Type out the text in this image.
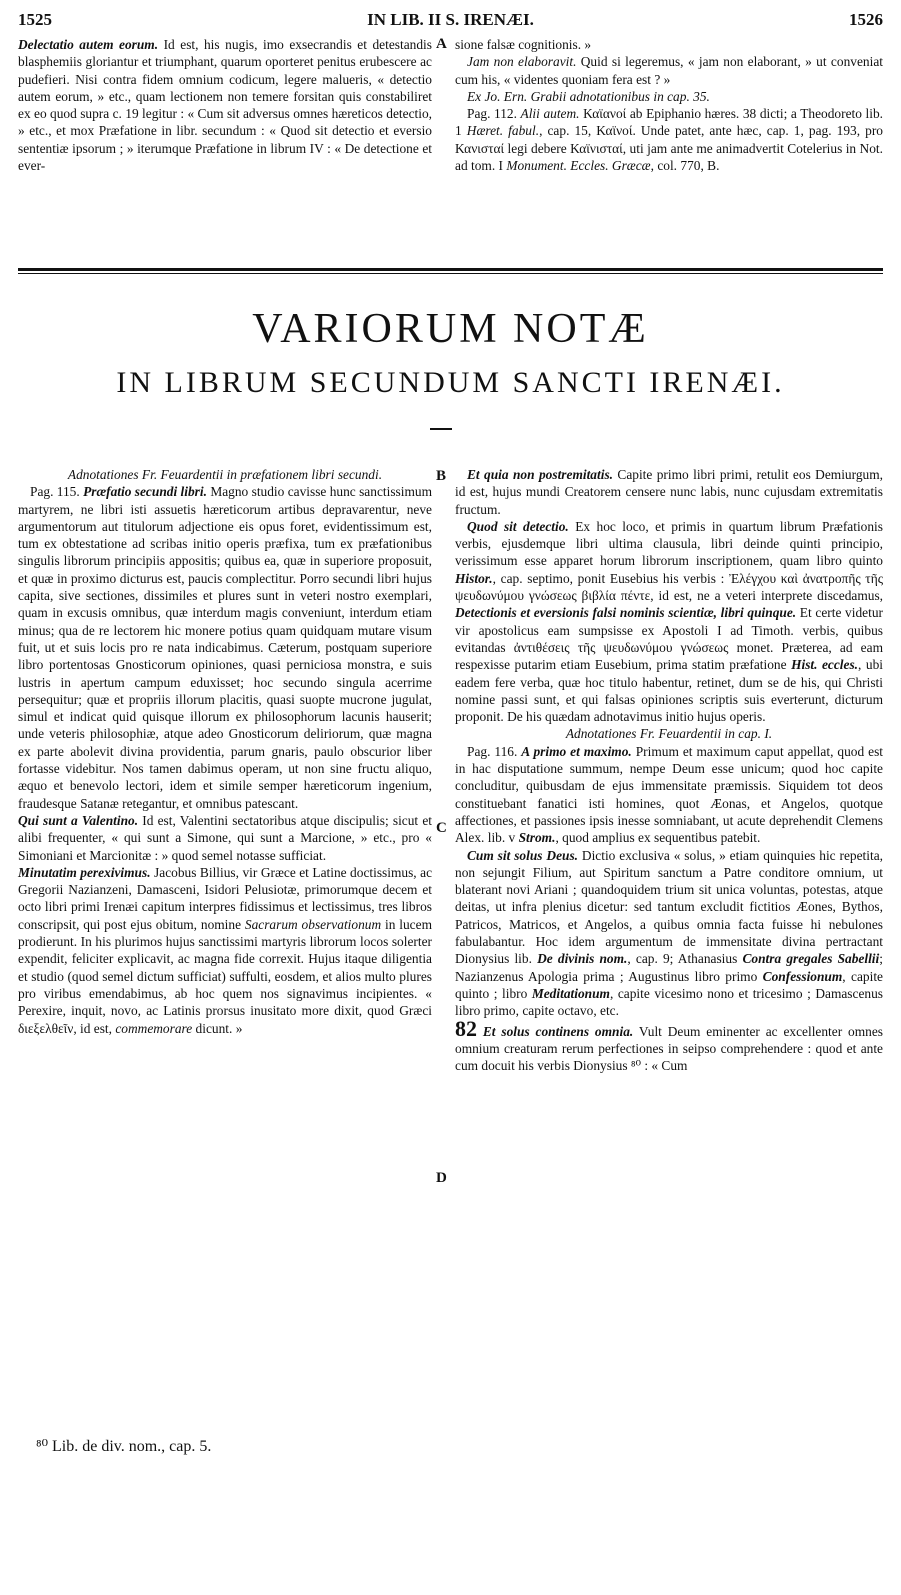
1525	IN LIB. II S. IRENÆI.	1526

Delectatio autem eorum. Id est, his nugis, imo exsecrandis et detestandis blasphemiis gloriantur et triumphant, quarum oporteret penitus erubescere ac pudefieri. Nisi contra fidem omnium codicum, legere malueris, « detectio autem eorum, » etc., quam lectionem non temere forsitan quis constabiliret ex eo quod supra c. 19 legitur : « Cum sit adversus omnes hæreticos detectio, » etc., et mox Præfatione in libr. secundum : « Quod sit detectio et eversio sententiæ ipsorum ; » iterumque Præfatione in librum IV : « De detectione et ever-

A sione falsæ cognitionis. »

Jam non elaboravit. Quid si legeremus, « jam non elaborant, » ut conveniat cum his, « videntes quoniam fera est ? »

Ex Jo. Ern. Grabii adnotationibus in cap. 35.

Pag. 112. Alii autem. Καϊανοί ab Epiphanio hæres. 38 dicti; a Theodoreto lib. 1 Hæret. fabul., cap. 15, Καϊνοί. Unde patet, ante hæc, cap. 1, pag. 193, pro Κανισταί legi debere Καϊνισταί, uti jam ante me animadvertit Cotelerius in Not. ad tom. I Monument. Eccles. Græcæ, col. 770, B.

VARIORUM NOTÆ
IN LIBRUM SECUNDUM SANCTI IRENÆI.

Adnotationes Fr. Feuardentii in præfationem libri secundi.

Pag. 115. Præfatio secundi libri. Magno studio cavisse hunc sanctissimum martyrem, ne libri isti assuetis hæreticorum artibus depravarentur, neve argumentorum aut titulorum adjectione eis opus foret, evidentissimum est, tum ex obtestatione ad scribas initio operis præfixa, tum ex præfationibus singulis librorum principiis appositis; quibus ea, quæ in superiore proposuit, et quæ in proximo dicturus est, paucis complectitur. Porro secundi libri hujus capita, sive sectiones, dissimiles et plures sunt in veteri nostro exemplari, quam in excusis omnibus, quæ interdum magis conveniunt, interdum etiam minus; qua de re lectorem hic monere potius quam quidquam mutare visum fuit, ut et suis locis pro re nata indicabimus. Cæterum, postquam superiore libro portentosas Gnosticorum opiniones, quasi perniciosa monstra, e suis lustris in apertum campum eduxisset; hoc secundo singula acerrime persequitur; quæ et propriis illorum placitis, quasi suopte mucrone jugulat, simul et indicat quid quisque illorum ex philosophorum lacunis hauserit; unde veteris philosophiæ, atque adeo Gnosticorum deliriorum, quæ magna ex parte abolevit divina providentia, parum gnaris, paulo obscurior liber fortasse videbitur. Nos tamen dabimus operam, ut non sine fructu aliquo, æquo et benevolo lectori, idem et simile semper hæreticorum ingenium, fraudesque Satanæ retegantur, et omnibus patescant.

Qui sunt a Valentino. Id est, Valentini sectatoribus atque discipulis; sicut et alibi frequenter, « qui sunt a Simone, qui sunt a Marcione, » etc., pro « Simoniani et Marcionitæ : » quod semel notasse sufficiat.

Minutatim perexivimus. Jacobus Billius, vir Græce et Latine doctissimus, ac Gregorii Nazianzeni, Damasceni, Isidori Pelusiotæ, primorumque decem et octo libri primi Irenæi capitum interpres fidissimus et lectissimus, tres libros conscripsit, qui post ejus obitum, nomine Sacrarum observationum in lucem prodierunt. In his plurimos hujus sanctissimi martyris librorum locos solerter expendit, feliciter explicavit, ac magna fide correxit. Hujus itaque diligentia et studio (quod semel dictum sufficiat) suffulti, eosdem, et alios multo plures pro viribus emendabimus, ab hoc quem nos signavimus incipientes. « Perexire, inquit, novo, ac Latinis prorsus inusitato more dixit, quod Græci διεξελθεῖν, id est, commemorare dicunt. »

B
C
D

Et quia non postremitatis. Capite primo libri primi, retulit eos Demiurgum, id est, hujus mundi Creatorem censere nunc labis, nunc cujusdam extremitatis fructum.

Quod sit detectio. Ex hoc loco, et primis in quartum librum Præfationis verbis, ejusdemque libri ultima clausula, libri deinde quinti principio, verissimum esse apparet horum librorum inscriptionem, quam libro quinto Histor., cap. septimo, ponit Eusebius his verbis : Ἐλέγχου καὶ ἀνατροπῆς τῆς ψευδωνύμου γνώσεως βιβλία πέντε, id est, ne a veteri interprete discedamus, Detectionis et eversionis falsi nominis scientiæ, libri quinque. Et certe videtur vir apostolicus eam sumpsisse ex Apostoli I ad Timoth. verbis, quibus evitandas ἀντιθέσεις τῆς ψευδωνύμου γνώσεως monet. Præterea, ad eam respexisse putarim etiam Eusebium, prima statim præfatione Hist. eccles., ubi eadem fere verba, quæ hoc titulo habentur, retinet, dum se de his, qui Christi nomine passi sunt, et qui falsas opiniones scriptis suis everterunt, dicturum proponit. De his quædam adnotavimus initio hujus operis.

Adnotationes Fr. Feuardentii in cap. I.

Pag. 116. A primo et maximo. Primum et maximum caput appellat, quod est in hac disputatione summum, nempe Deum esse unicum; quod hoc capite concluditur, quibusdam de ejus immensitate præmissis. Siquidem tot deos constituebant fanatici isti homines, quot Æonas, et Angelos, quotque affectiones, et passiones ipsis inesse somniabant, ut acute deprehendit Clemens Alex. lib. v Strom., quod amplius ex sequentibus patebit.

Cum sit solus Deus. Dictio exclusiva « solus, » etiam quinquies hic repetita, non sejungit Filium, aut Spiritum sanctum a Patre conditore omnium, ut blaterant novi Ariani ; quandoquidem trium sit unica voluntas, potestas, atque deitas, ut infra plenius dicetur: sed tantum excludit fictitios Æones, Bythos, Patricos, Matricos, et Angelos, a quibus omnia facta fuisse hi nebulones fabulabantur. Hoc idem argumentum de immensitate divina pertractant Dionysius lib. De divinis nom., cap. 9; Athanasius Contra gregales Sabellii; Nazianzenus Apologia prima ; Augustinus libro primo Confessionum, capite quinto ; libro Meditationum, capite vicesimo nono et tricesimo ; Damascenus libro primo, capite octavo, etc.

82 Et solus continens omnia. Vult Deum eminenter ac excellenter omnes omnium creaturam rerum perfectiones in seipso comprehendere : quod et ante cum docuit his verbis Dionysius ⁸⁰ : « Cum

⁸⁰ Lib. de div. nom., cap. 5.
